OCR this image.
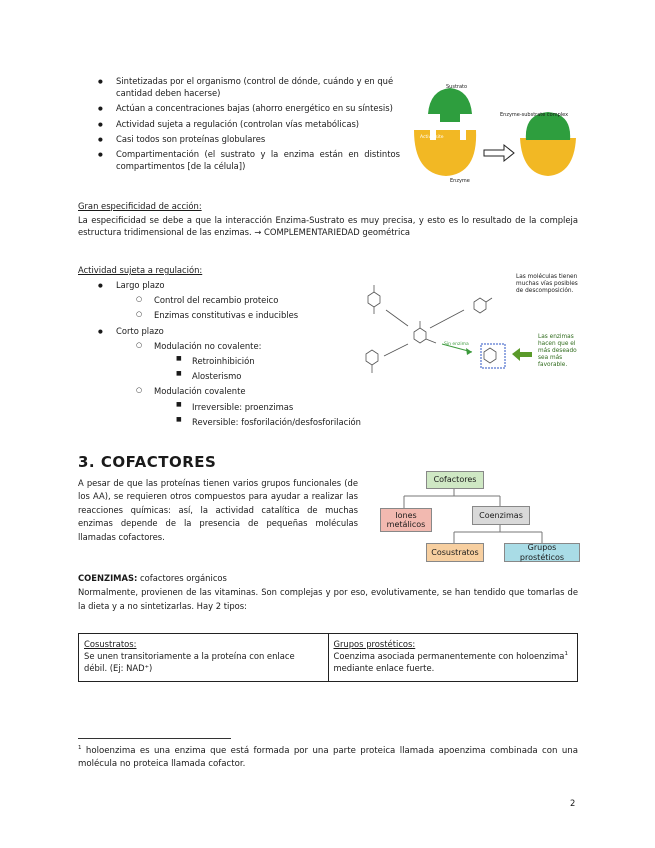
● Sintetizadas por el organismo (control de dónde, cuándo y en qué cantidad deben hacerse)
● Actúan a concentraciones bajas (ahorro energético en su síntesis)
● Actividad sujeta a regulación (controlan vías metabólicas)
● Casi todos son proteínas globulares
● Compartimentación (el sustrato y la enzima están en distintos compartimentos [de la célula])
Sustrato
Active site
Enzyme
Enzyme-substrate complex
Gran especificidad de acción:
La especificidad se debe a que la interacción Enzima-Sustrato es muy precisa, y esto es lo resultado de la compleja estructura tridimensional de las enzimas. → COMPLEMENTARIEDAD geométrica
Actividad sujeta a regulación:
● Largo plazo
○ Control del recambio proteico
○ Enzimas constitutivas e inducibles
● Corto plazo
○ Modulación no covalente:
■ Retroinhibición
■ Alosterismo
○ Modulación covalente
■ Irreversible: proenzimas
■ Reversible: fosforilación/desfosforilación
Las moléculas tienen muchas vías posibles de descomposición.
Las enzimas hacen que el más deseado sea más favorable.
Sin enzima
3. COFACTORES
A pesar de que las proteínas tienen varios grupos funcionales (de los AA), se requieren otros compuestos para ayudar a realizar las reacciones químicas: así, la actividad catalítica de muchas enzimas depende de la presencia de pequeñas moléculas llamadas cofactores.
Cofactores
Iones metálicos
Coenzimas
Cosustratos
Grupos prostéticos
COENZIMAS: cofactores orgánicos
Normalmente, provienen de las vitaminas. Son complejas y por eso, evolutivamente, se han tendido que tomarlas de la dieta y a no sintetizarlas. Hay 2 tipos:
Cosustratos:
Se unen transitoriamente a la proteína con enlace débil. (Ej: NAD⁺)

Grupos prostéticos:
Coenzima asociada permanentemente con holoenzima$^1$ mediante enlace fuerte.
$^1$ holoenzima es una enzima que está formada por una parte proteica llamada apoenzima combinada con una molécula no proteica llamada cofactor.
2
